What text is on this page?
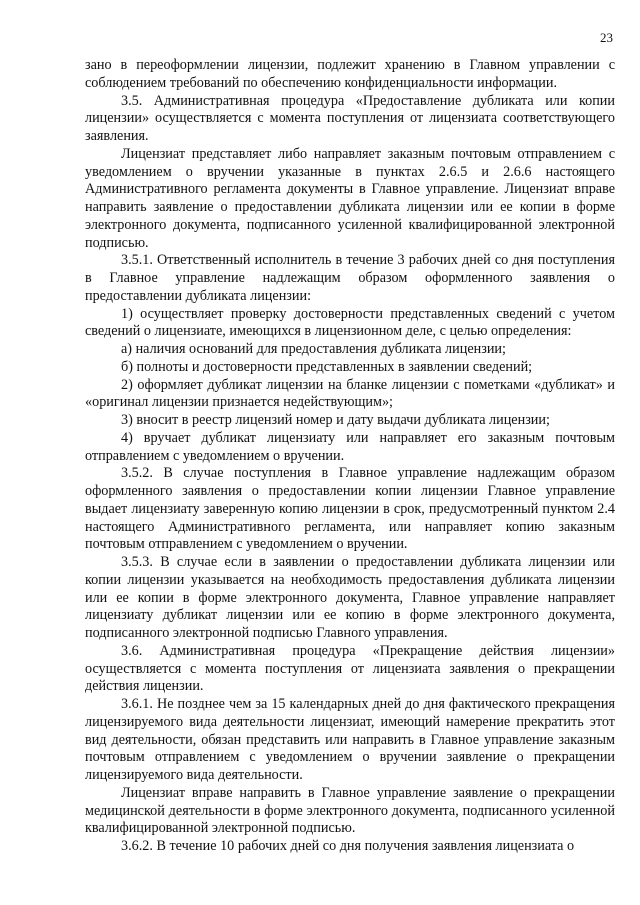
23

зано в переоформлении лицензии, подлежит хранению в Главном управлении с соблюдением требований по обеспечению конфиденциальности информации.

3.5. Административная процедура «Предоставление дубликата или копии лицензии» осуществляется с момента поступления от лицензиата соответствующего заявления.

Лицензиат представляет либо направляет заказным почтовым отправлением с уведомлением о вручении указанные в пунктах 2.6.5 и 2.6.6 настоящего Административного регламента документы в Главное управление. Лицензиат вправе направить заявление о предоставлении дубликата лицензии или ее копии в форме электронного документа, подписанного усиленной квалифицированной электронной подписью.

3.5.1. Ответственный исполнитель в течение 3 рабочих дней со дня поступления в Главное управление надлежащим образом оформленного заявления о предоставлении дубликата лицензии:

1) осуществляет проверку достоверности представленных сведений с учетом сведений о лицензиате, имеющихся в лицензионном деле, с целью определения:

а) наличия оснований для предоставления дубликата лицензии;

б) полноты и достоверности представленных в заявлении сведений;

2) оформляет дубликат лицензии на бланке лицензии с пометками «дубликат» и «оригинал лицензии признается недействующим»;

3) вносит в реестр лицензий номер и дату выдачи дубликата лицензии;

4) вручает дубликат лицензиату или направляет его заказным почтовым отправлением с уведомлением о вручении.

3.5.2. В случае поступления в Главное управление надлежащим образом оформленного заявления о предоставлении копии лицензии Главное управление выдает лицензиату заверенную копию лицензии в срок, предусмотренный пунктом 2.4 настоящего Административного регламента, или направляет копию заказным почтовым отправлением с уведомлением о вручении.

3.5.3. В случае если в заявлении о предоставлении дубликата лицензии или копии лицензии указывается на необходимость предоставления дубликата лицензии или ее копии в форме электронного документа, Главное управление направляет лицензиату дубликат лицензии или ее копию в форме электронного документа, подписанного электронной подписью Главного управления.

3.6. Административная процедура «Прекращение действия лицензии» осуществляется с момента поступления от лицензиата заявления о прекращении действия лицензии.

3.6.1. Не позднее чем за 15 календарных дней до дня фактического прекращения лицензируемого вида деятельности лицензиат, имеющий намерение прекратить этот вид деятельности, обязан представить или направить в Главное управление заказным почтовым отправлением с уведомлением о вручении заявление о прекращении лицензируемого вида деятельности.

Лицензиат вправе направить в Главное управление заявление о прекращении медицинской деятельности в форме электронного документа, подписанного усиленной квалифицированной электронной подписью.

3.6.2. В течение 10 рабочих дней со дня получения заявления лицензиата о
